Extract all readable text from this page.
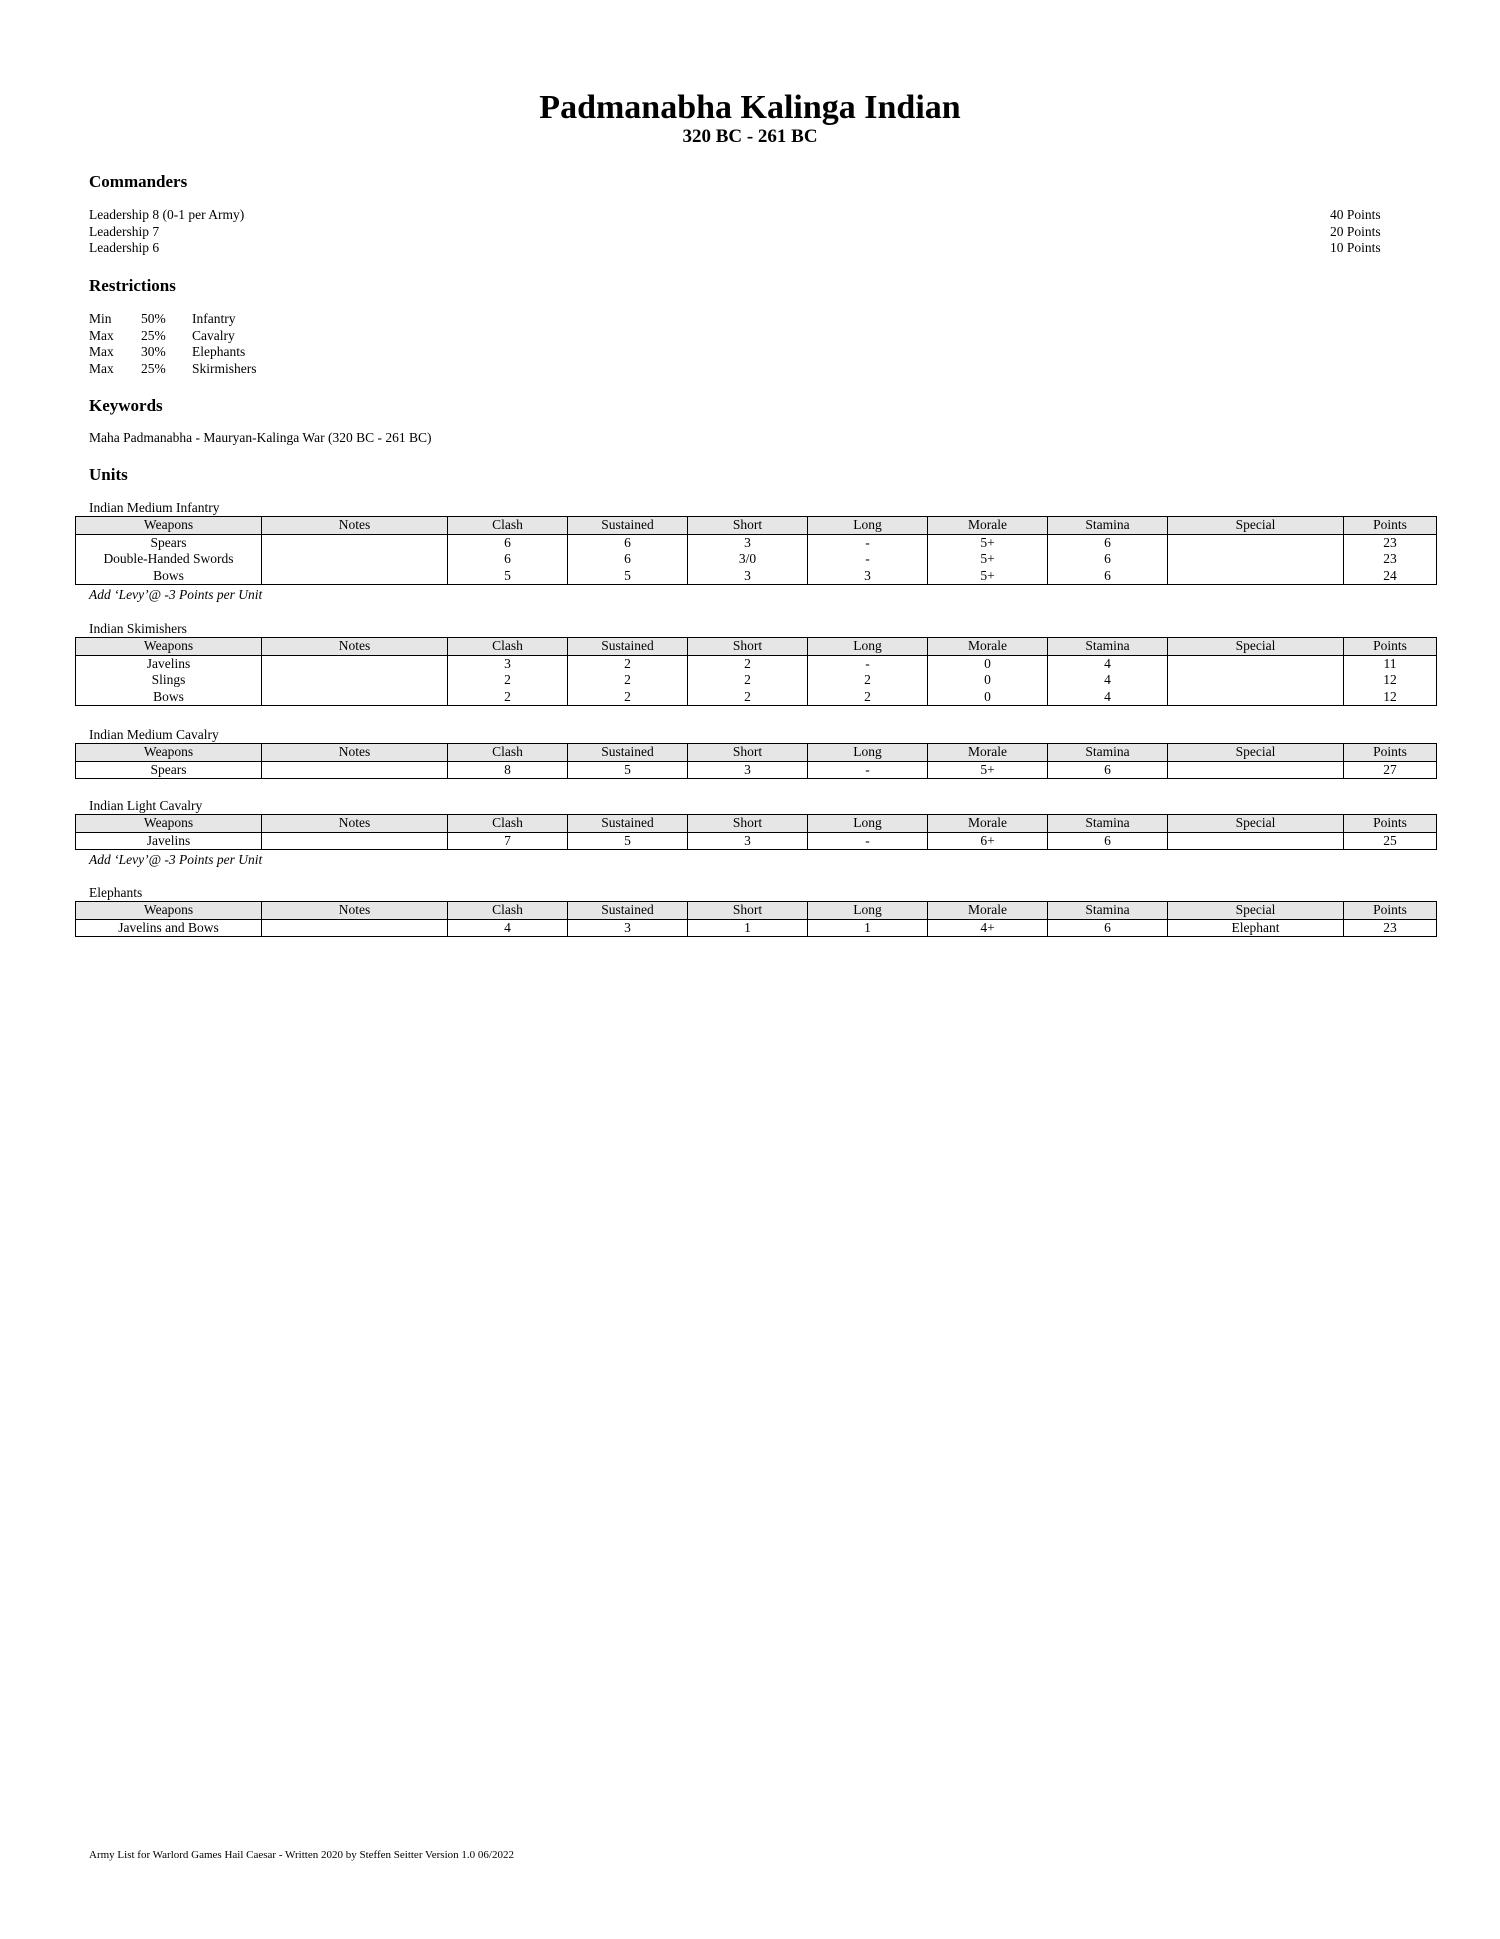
Padmanabha Kalinga Indian
320 BC - 261 BC
Commanders
Leadership 8 (0-1 per Army)	40 Points
Leadership 7	20 Points
Leadership 6	10 Points
Restrictions
Min	50%	Infantry
Max	25%	Cavalry
Max	30%	Elephants
Max	25%	Skirmishers
Keywords
Maha Padmanabha - Mauryan-Kalinga War (320 BC - 261 BC)
Units
Indian Medium Infantry
Weapons	Notes	Clash	Sustained	Short	Long	Morale	Stamina	Special	Points
Spears		6	6	3	-	5+	6		23
Double-Handed Swords		6	6	3/0	-	5+	6		23
Bows		5	5	3	3	5+	6		24
Add ‘Levy’@ -3 Points per Unit
Indian Skimishers
Weapons	Notes	Clash	Sustained	Short	Long	Morale	Stamina	Special	Points
Javelins		3	2	2	-	0	4		11
Slings		2	2	2	2	0	4		12
Bows		2	2	2	2	0	4		12
Indian Medium Cavalry
Weapons	Notes	Clash	Sustained	Short	Long	Morale	Stamina	Special	Points
Spears		8	5	3	-	5+	6		27
Indian Light Cavalry
Weapons	Notes	Clash	Sustained	Short	Long	Morale	Stamina	Special	Points
Javelins		7	5	3	-	6+	6		25
Add ‘Levy’@ -3 Points per Unit
Elephants
Weapons	Notes	Clash	Sustained	Short	Long	Morale	Stamina	Special	Points
Javelins and Bows		4	3	1	1	4+	6	Elephant	23
Army List for Warlord Games Hail Caesar - Written 2020 by Steffen Seitter Version 1.0 06/2022
